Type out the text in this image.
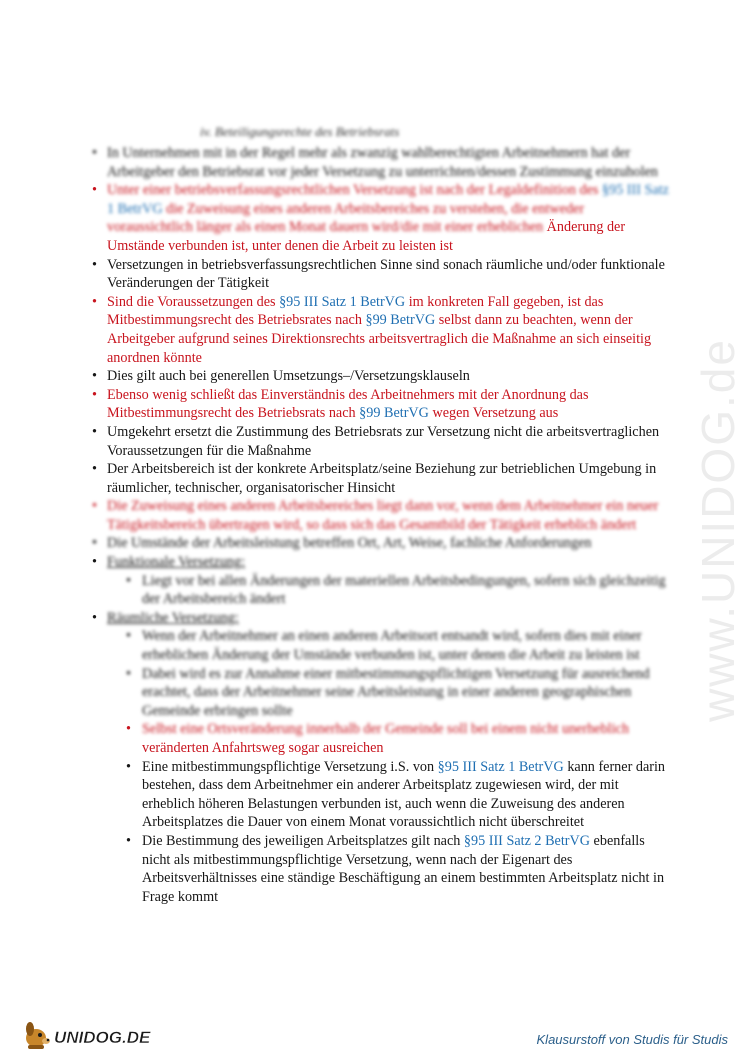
www.UNIDOG.de
iv. Beteiligungsrechte des Betriebsrats
• In Unternehmen mit in der Regel mehr als zwanzig wahlberechtigten Arbeitnehmern hat der Arbeitgeber den Betriebsrat vor jeder Versetzung zu unterrichten/dessen Zustimmung einzuholen
• Unter einer betriebsverfassungsrechtlichen Versetzung ist nach der Legaldefinition des §95 III Satz 1 BetrVG die Zuweisung eines anderen Arbeitsbereiches zu verstehen, die entweder voraussichtlich länger als einen Monat dauern wird/die mit einer erheblichen Änderung der Umstände verbunden ist, unter denen die Arbeit zu leisten ist
• Versetzungen in betriebsverfassungsrechtlichen Sinne sind sonach räumliche und/oder funktionale Veränderungen der Tätigkeit
• Sind die Voraussetzungen des §95 III Satz 1 BetrVG im konkreten Fall gegeben, ist das Mitbestimmungsrecht des Betriebsrates nach §99 BetrVG selbst dann zu beachten, wenn der Arbeitgeber aufgrund seines Direktionsrechts arbeitsvertraglich die Maßnahme an sich einseitig anordnen könnte
• Dies gilt auch bei generellen Umsetzungs–/Versetzungsklauseln
• Ebenso wenig schließt das Einverständnis des Arbeitnehmers mit der Anordnung das Mitbestimmungsrecht des Betriebsrats nach §99 BetrVG wegen Versetzung aus
• Umgekehrt ersetzt die Zustimmung des Betriebsrats zur Versetzung nicht die arbeitsvertraglichen Voraussetzungen für die Maßnahme
• Der Arbeitsbereich ist der konkrete Arbeitsplatz/seine Beziehung zur betrieblichen Umgebung in räumlicher, technischer, organisatorischer Hinsicht
• Die Zuweisung eines anderen Arbeitsbereiches liegt dann vor, wenn dem Arbeitnehmer ein neuer Tätigkeitsbereich übertragen wird, so dass sich das Gesamtbild der Tätigkeit erheblich ändert
• Die Umstände der Arbeitsleistung betreffen Ort, Art, Weise, fachliche Anforderungen
• Funktionale Versetzung:
• Liegt vor bei allen Änderungen der materiellen Arbeitsbedingungen, sofern sich gleichzeitig der Arbeitsbereich ändert
• Räumliche Versetzung:
• Wenn der Arbeitnehmer an einen anderen Arbeitsort entsandt wird, sofern dies mit einer erheblichen Änderung der Umstände verbunden ist, unter denen die Arbeit zu leisten ist
• Dabei wird es zur Annahme einer mitbestimmungspflichtigen Versetzung für ausreichend erachtet, dass der Arbeitnehmer seine Arbeitsleistung in einer anderen geographischen Gemeinde erbringen sollte
• Selbst eine Ortsveränderung innerhalb der Gemeinde soll bei einem nicht unerheblich veränderten Anfahrtsweg sogar ausreichen
• Eine mitbestimmungspflichtige Versetzung i.S. von §95 III Satz 1 BetrVG kann ferner darin bestehen, dass dem Arbeitnehmer ein anderer Arbeitsplatz zugewiesen wird, der mit erheblich höheren Belastungen verbunden ist, auch wenn die Zuweisung des anderen Arbeitsplatzes die Dauer von einem Monat voraussichtlich nicht überschreitet
• Die Bestimmung des jeweiligen Arbeitsplatzes gilt nach §95 III Satz 2 BetrVG ebenfalls nicht als mitbestimmungspflichtige Versetzung, wenn nach der Eigenart des Arbeitsverhältnisses eine ständige Beschäftigung an einem bestimmten Arbeitsplatz nicht in Frage kommt
UNIDOG.DE	Klausurstoff von Studis für Studis
